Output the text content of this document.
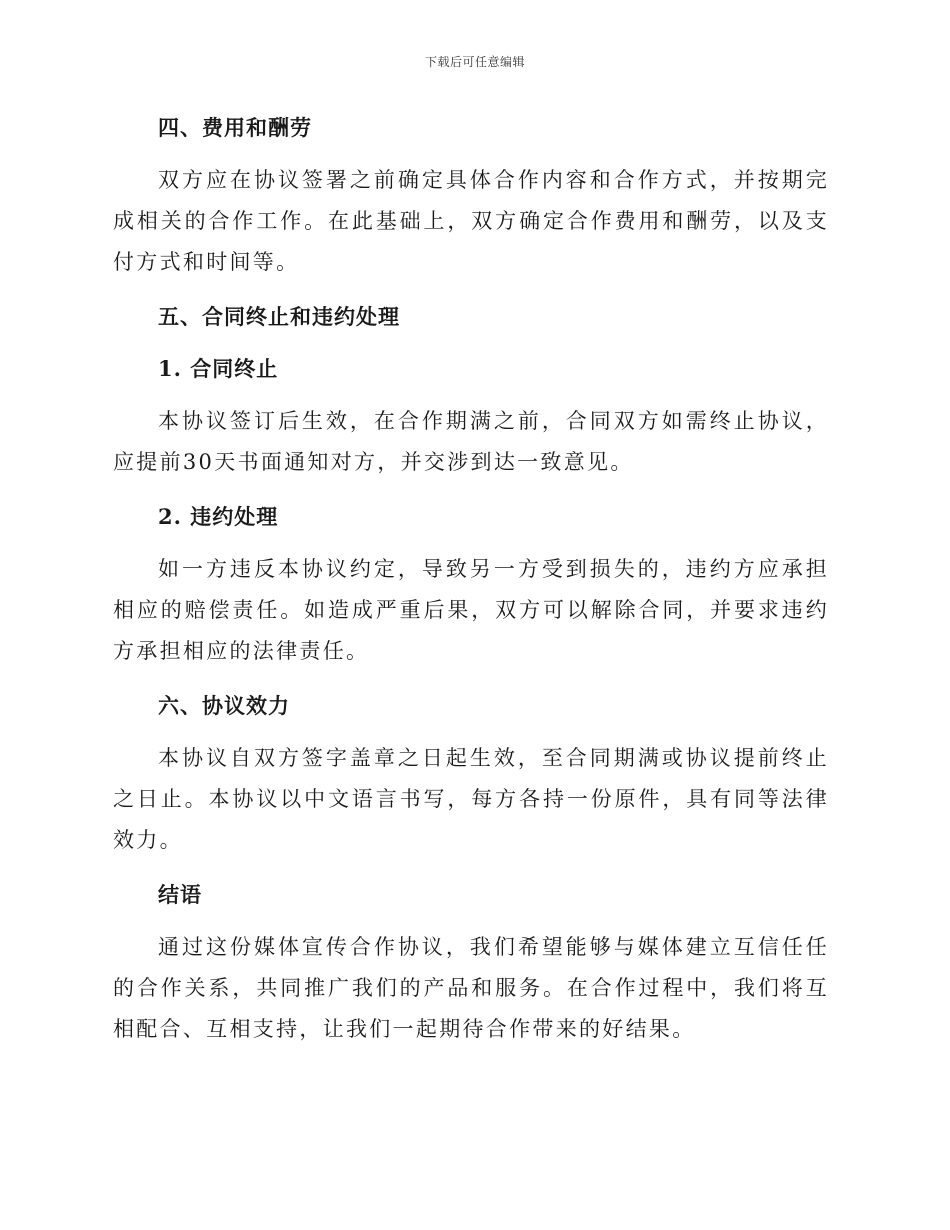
下载后可任意编辑
四、费用和酬劳

双方应在协议签署之前确定具体合作内容和合作方式，并按期完成相关的合作工作。在此基础上，双方确定合作费用和酬劳，以及支付方式和时间等。

五、合同终止和违约处理
1. 合同终止

本协议签订后生效，在合作期满之前，合同双方如需终止协议，应提前30天书面通知对方，并交涉到达一致意见。

2. 违约处理

如一方违反本协议约定，导致另一方受到损失的，违约方应承担相应的赔偿责任。如造成严重后果，双方可以解除合同，并要求违约方承担相应的法律责任。

六、协议效力

本协议自双方签字盖章之日起生效，至合同期满或协议提前终止之日止。本协议以中文语言书写，每方各持一份原件，具有同等法律效力。

结语

通过这份媒体宣传合作协议，我们希望能够与媒体建立互信任任的合作关系，共同推广我们的产品和服务。在合作过程中，我们将互相配合、互相支持，让我们一起期待合作带来的好结果。
